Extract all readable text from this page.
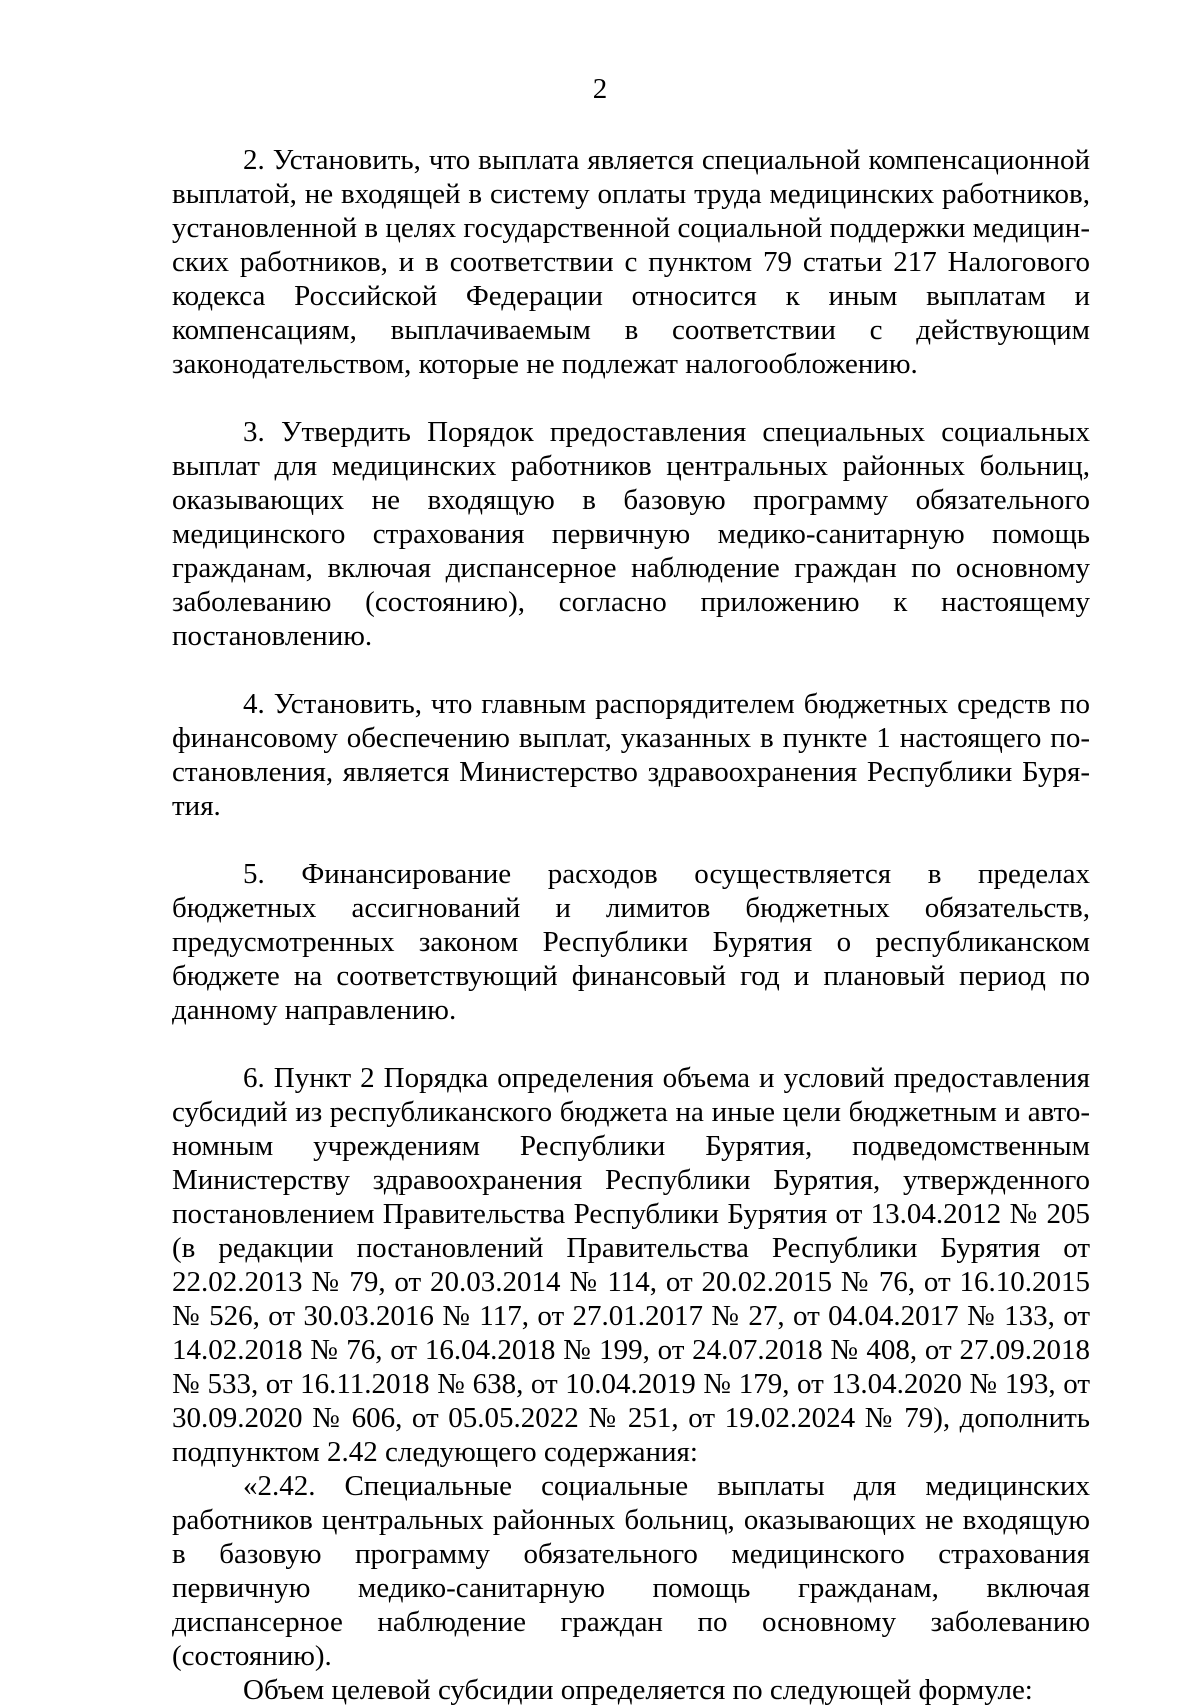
2

2. Установить, что выплата является специальной компенсационной выплатой, не входящей в систему оплаты труда медицинских работников, установленной в целях государственной социальной поддержки медицинских работников, и в соответствии с пунктом 79 статьи 217 Налогового кодекса Российской Федерации относится к иным выплатам и компенсациям, выплачиваемым в соответствии с действующим законодательством, которые не подлежат налогообложению.

3. Утвердить Порядок предоставления специальных социальных выплат для медицинских работников центральных районных больниц, оказывающих не входящую в базовую программу обязательного медицинского страхования первичную медико-санитарную помощь гражданам, включая диспансерное наблюдение граждан по основному заболеванию (состоянию), согласно приложению к настоящему постановлению.

4. Установить, что главным распорядителем бюджетных средств по финансовому обеспечению выплат, указанных в пункте 1 настоящего постановления, является Министерство здравоохранения Республики Бурятия.

5. Финансирование расходов осуществляется в пределах бюджетных ассигнований и лимитов бюджетных обязательств, предусмотренных законом Республики Бурятия о республиканском бюджете на соответствующий финансовый год и плановый период по данному направлению.

6. Пункт 2 Порядка определения объема и условий предоставления субсидий из республиканского бюджета на иные цели бюджетным и автономным учреждениям Республики Бурятия, подведомственным Министерству здравоохранения Республики Бурятия, утвержденного постановлением Правительства Республики Бурятия от 13.04.2012 № 205 (в редакции постановлений Правительства Республики Бурятия от 22.02.2013 № 79, от 20.03.2014 № 114, от 20.02.2015 № 76, от 16.10.2015 № 526, от 30.03.2016 № 117, от 27.01.2017 № 27, от 04.04.2017 № 133, от 14.02.2018 № 76, от 16.04.2018 № 199, от 24.07.2018 № 408, от 27.09.2018 № 533, от 16.11.2018 № 638, от 10.04.2019 № 179, от 13.04.2020 № 193, от 30.09.2020 № 606, от 05.05.2022 № 251, от 19.02.2024 № 79), дополнить подпунктом 2.42 следующего содержания:

«2.42. Специальные социальные выплаты для медицинских работников центральных районных больниц, оказывающих не входящую в базовую программу обязательного медицинского страхования первичную медико-санитарную помощь гражданам, включая диспансерное наблюдение граждан по основному заболеванию (состоянию).

Объем целевой субсидии определяется по следующей формуле:
